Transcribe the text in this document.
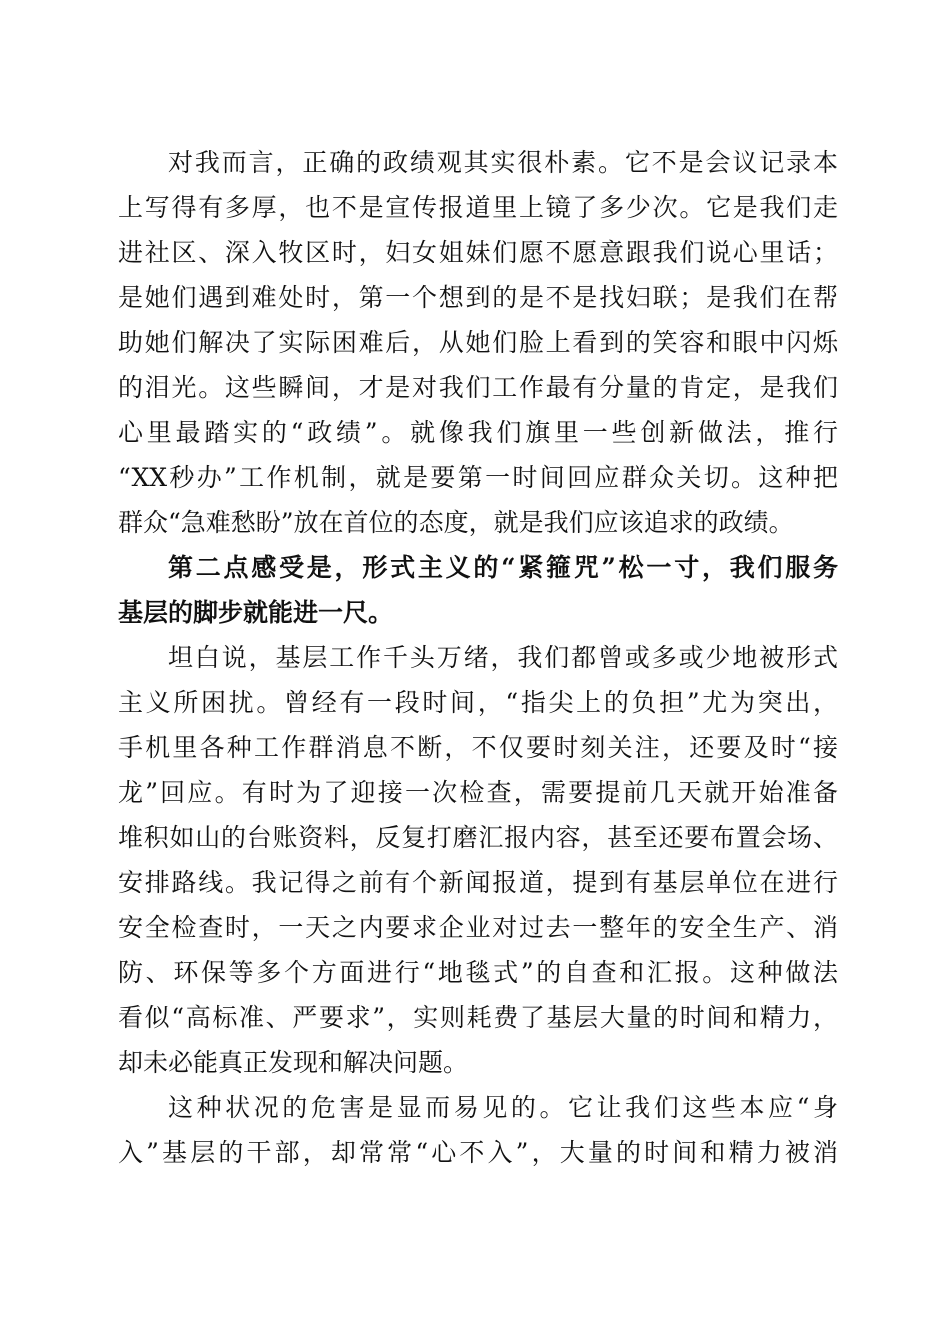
对我而言，正确的政绩观其实很朴素。它不是会议记录本
上写得有多厚，也不是宣传报道里上镜了多少次。它是我们走
进社区、深入牧区时，妇女姐妹们愿不愿意跟我们说心里话；
是她们遇到难处时，第一个想到的是不是找妇联；是我们在帮
助她们解决了实际困难后，从她们脸上看到的笑容和眼中闪烁
的泪光。这些瞬间，才是对我们工作最有分量的肯定，是我们
心里最踏实的“政绩”。就像我们旗里一些创新做法，推行
“XX秒办”工作机制，就是要第一时间回应群众关切。这种把
群众“急难愁盼”放在首位的态度，就是我们应该追求的政绩。
第二点感受是，形式主义的“紧箍咒”松一寸，我们服务
基层的脚步就能进一尺。
坦白说，基层工作千头万绪，我们都曾或多或少地被形式
主义所困扰。曾经有一段时间，“指尖上的负担”尤为突出，
手机里各种工作群消息不断，不仅要时刻关注，还要及时“接
龙”回应。有时为了迎接一次检查，需要提前几天就开始准备
堆积如山的台账资料，反复打磨汇报内容，甚至还要布置会场、
安排路线。我记得之前有个新闻报道，提到有基层单位在进行
安全检查时，一天之内要求企业对过去一整年的安全生产、消
防、环保等多个方面进行“地毯式”的自查和汇报。这种做法
看似“高标准、严要求”，实则耗费了基层大量的时间和精力，
却未必能真正发现和解决问题。
这种状况的危害是显而易见的。它让我们这些本应“身
入”基层的干部，却常常“心不入”，大量的时间和精力被消
